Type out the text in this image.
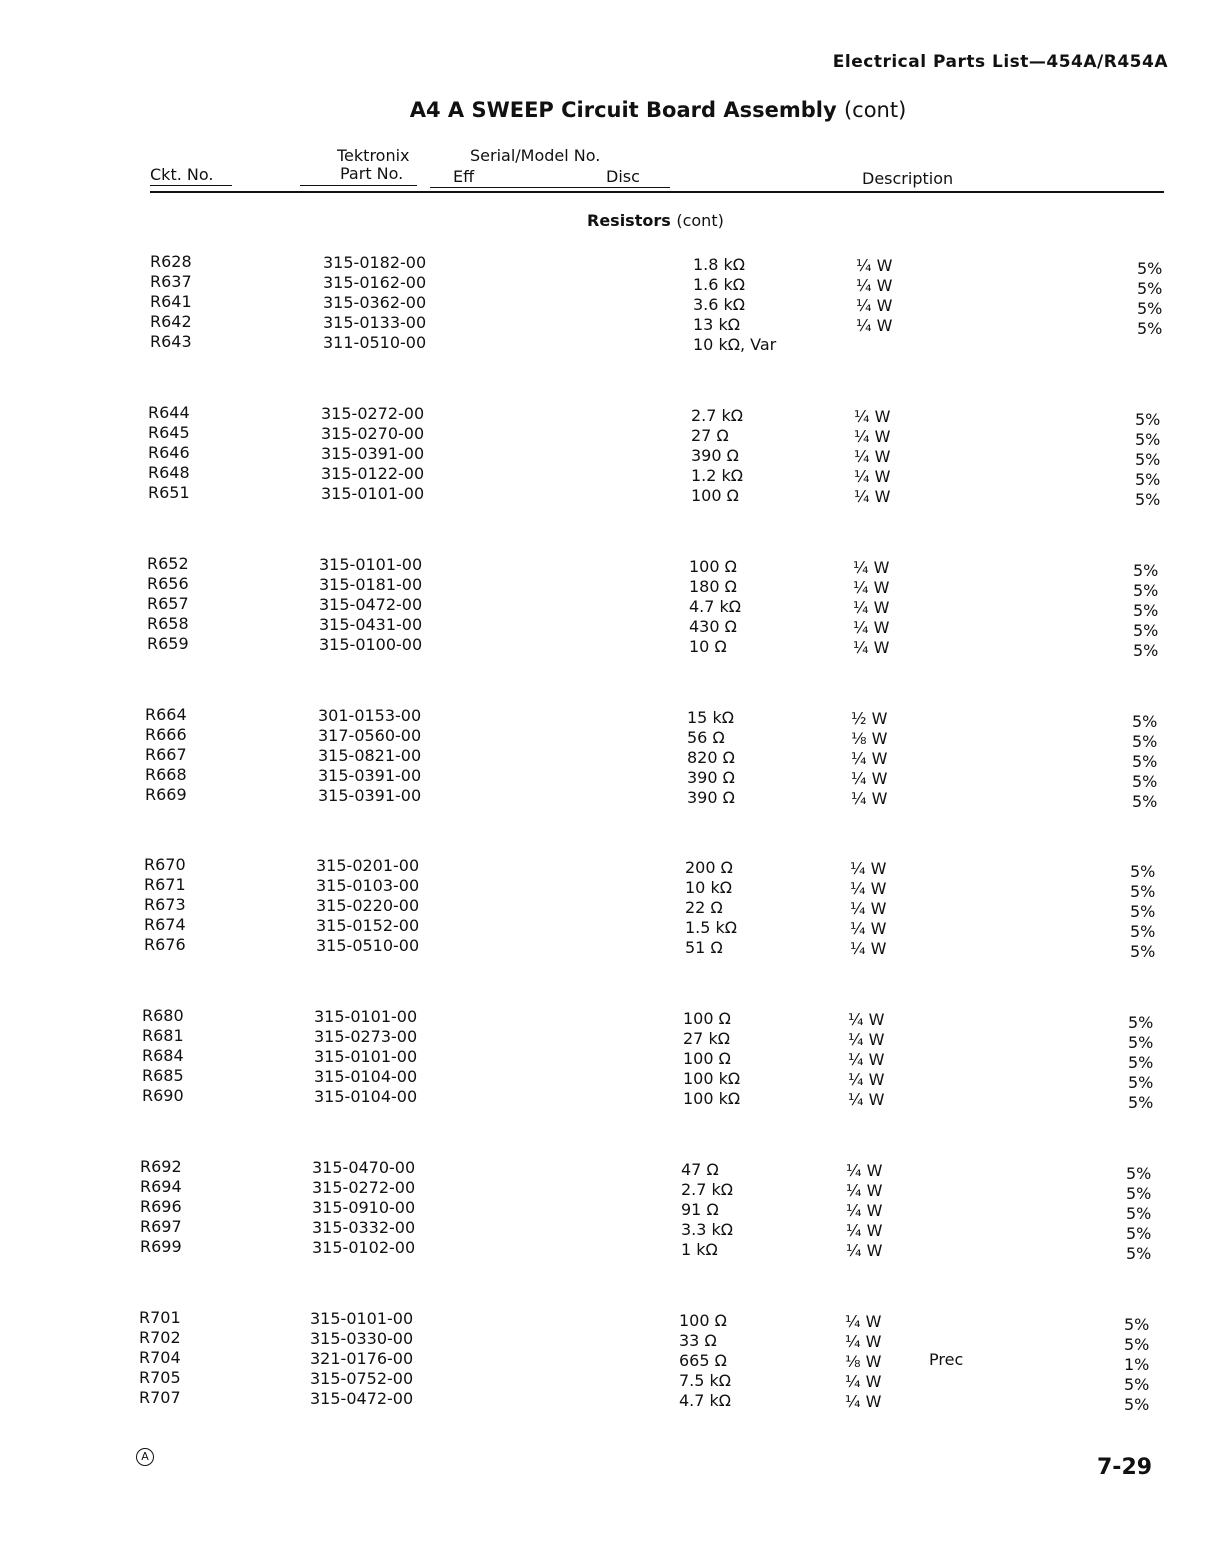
Electrical Parts List—454A/R454A
A4 A SWEEP Circuit Board Assembly (cont)
Tektronix
Part No.
Serial/Model No.
Ckt. No.	Eff	Disc	Description
Resistors (cont)
R628	315-0182-00	1.8 kΩ	¼ W	5%
R637	315-0162-00	1.6 kΩ	¼ W	5%
R641	315-0362-00	3.6 kΩ	¼ W	5%
R642	315-0133-00	13 kΩ	¼ W	5%
R643	311-0510-00	10 kΩ, Var
R644	315-0272-00	2.7 kΩ	¼ W	5%
R645	315-0270-00	27 Ω	¼ W	5%
R646	315-0391-00	390 Ω	¼ W	5%
R648	315-0122-00	1.2 kΩ	¼ W	5%
R651	315-0101-00	100 Ω	¼ W	5%
R652	315-0101-00	100 Ω	¼ W	5%
R656	315-0181-00	180 Ω	¼ W	5%
R657	315-0472-00	4.7 kΩ	¼ W	5%
R658	315-0431-00	430 Ω	¼ W	5%
R659	315-0100-00	10 Ω	¼ W	5%
R664	301-0153-00	15 kΩ	½ W	5%
R666	317-0560-00	56 Ω	⅛ W	5%
R667	315-0821-00	820 Ω	¼ W	5%
R668	315-0391-00	390 Ω	¼ W	5%
R669	315-0391-00	390 Ω	¼ W	5%
R670	315-0201-00	200 Ω	¼ W	5%
R671	315-0103-00	10 kΩ	¼ W	5%
R673	315-0220-00	22 Ω	¼ W	5%
R674	315-0152-00	1.5 kΩ	¼ W	5%
R676	315-0510-00	51 Ω	¼ W	5%
R680	315-0101-00	100 Ω	¼ W	5%
R681	315-0273-00	27 kΩ	¼ W	5%
R684	315-0101-00	100 Ω	¼ W	5%
R685	315-0104-00	100 kΩ	¼ W	5%
R690	315-0104-00	100 kΩ	¼ W	5%
R692	315-0470-00	47 Ω	¼ W	5%
R694	315-0272-00	2.7 kΩ	¼ W	5%
R696	315-0910-00	91 Ω	¼ W	5%
R697	315-0332-00	3.3 kΩ	¼ W	5%
R699	315-0102-00	1 kΩ	¼ W	5%
R701	315-0101-00	100 Ω	¼ W	5%
R702	315-0330-00	33 Ω	¼ W	5%
R704	321-0176-00	665 Ω	⅛ W	Prec	1%
R705	315-0752-00	7.5 kΩ	¼ W	5%
R707	315-0472-00	4.7 kΩ	¼ W	5%
A	7-29
